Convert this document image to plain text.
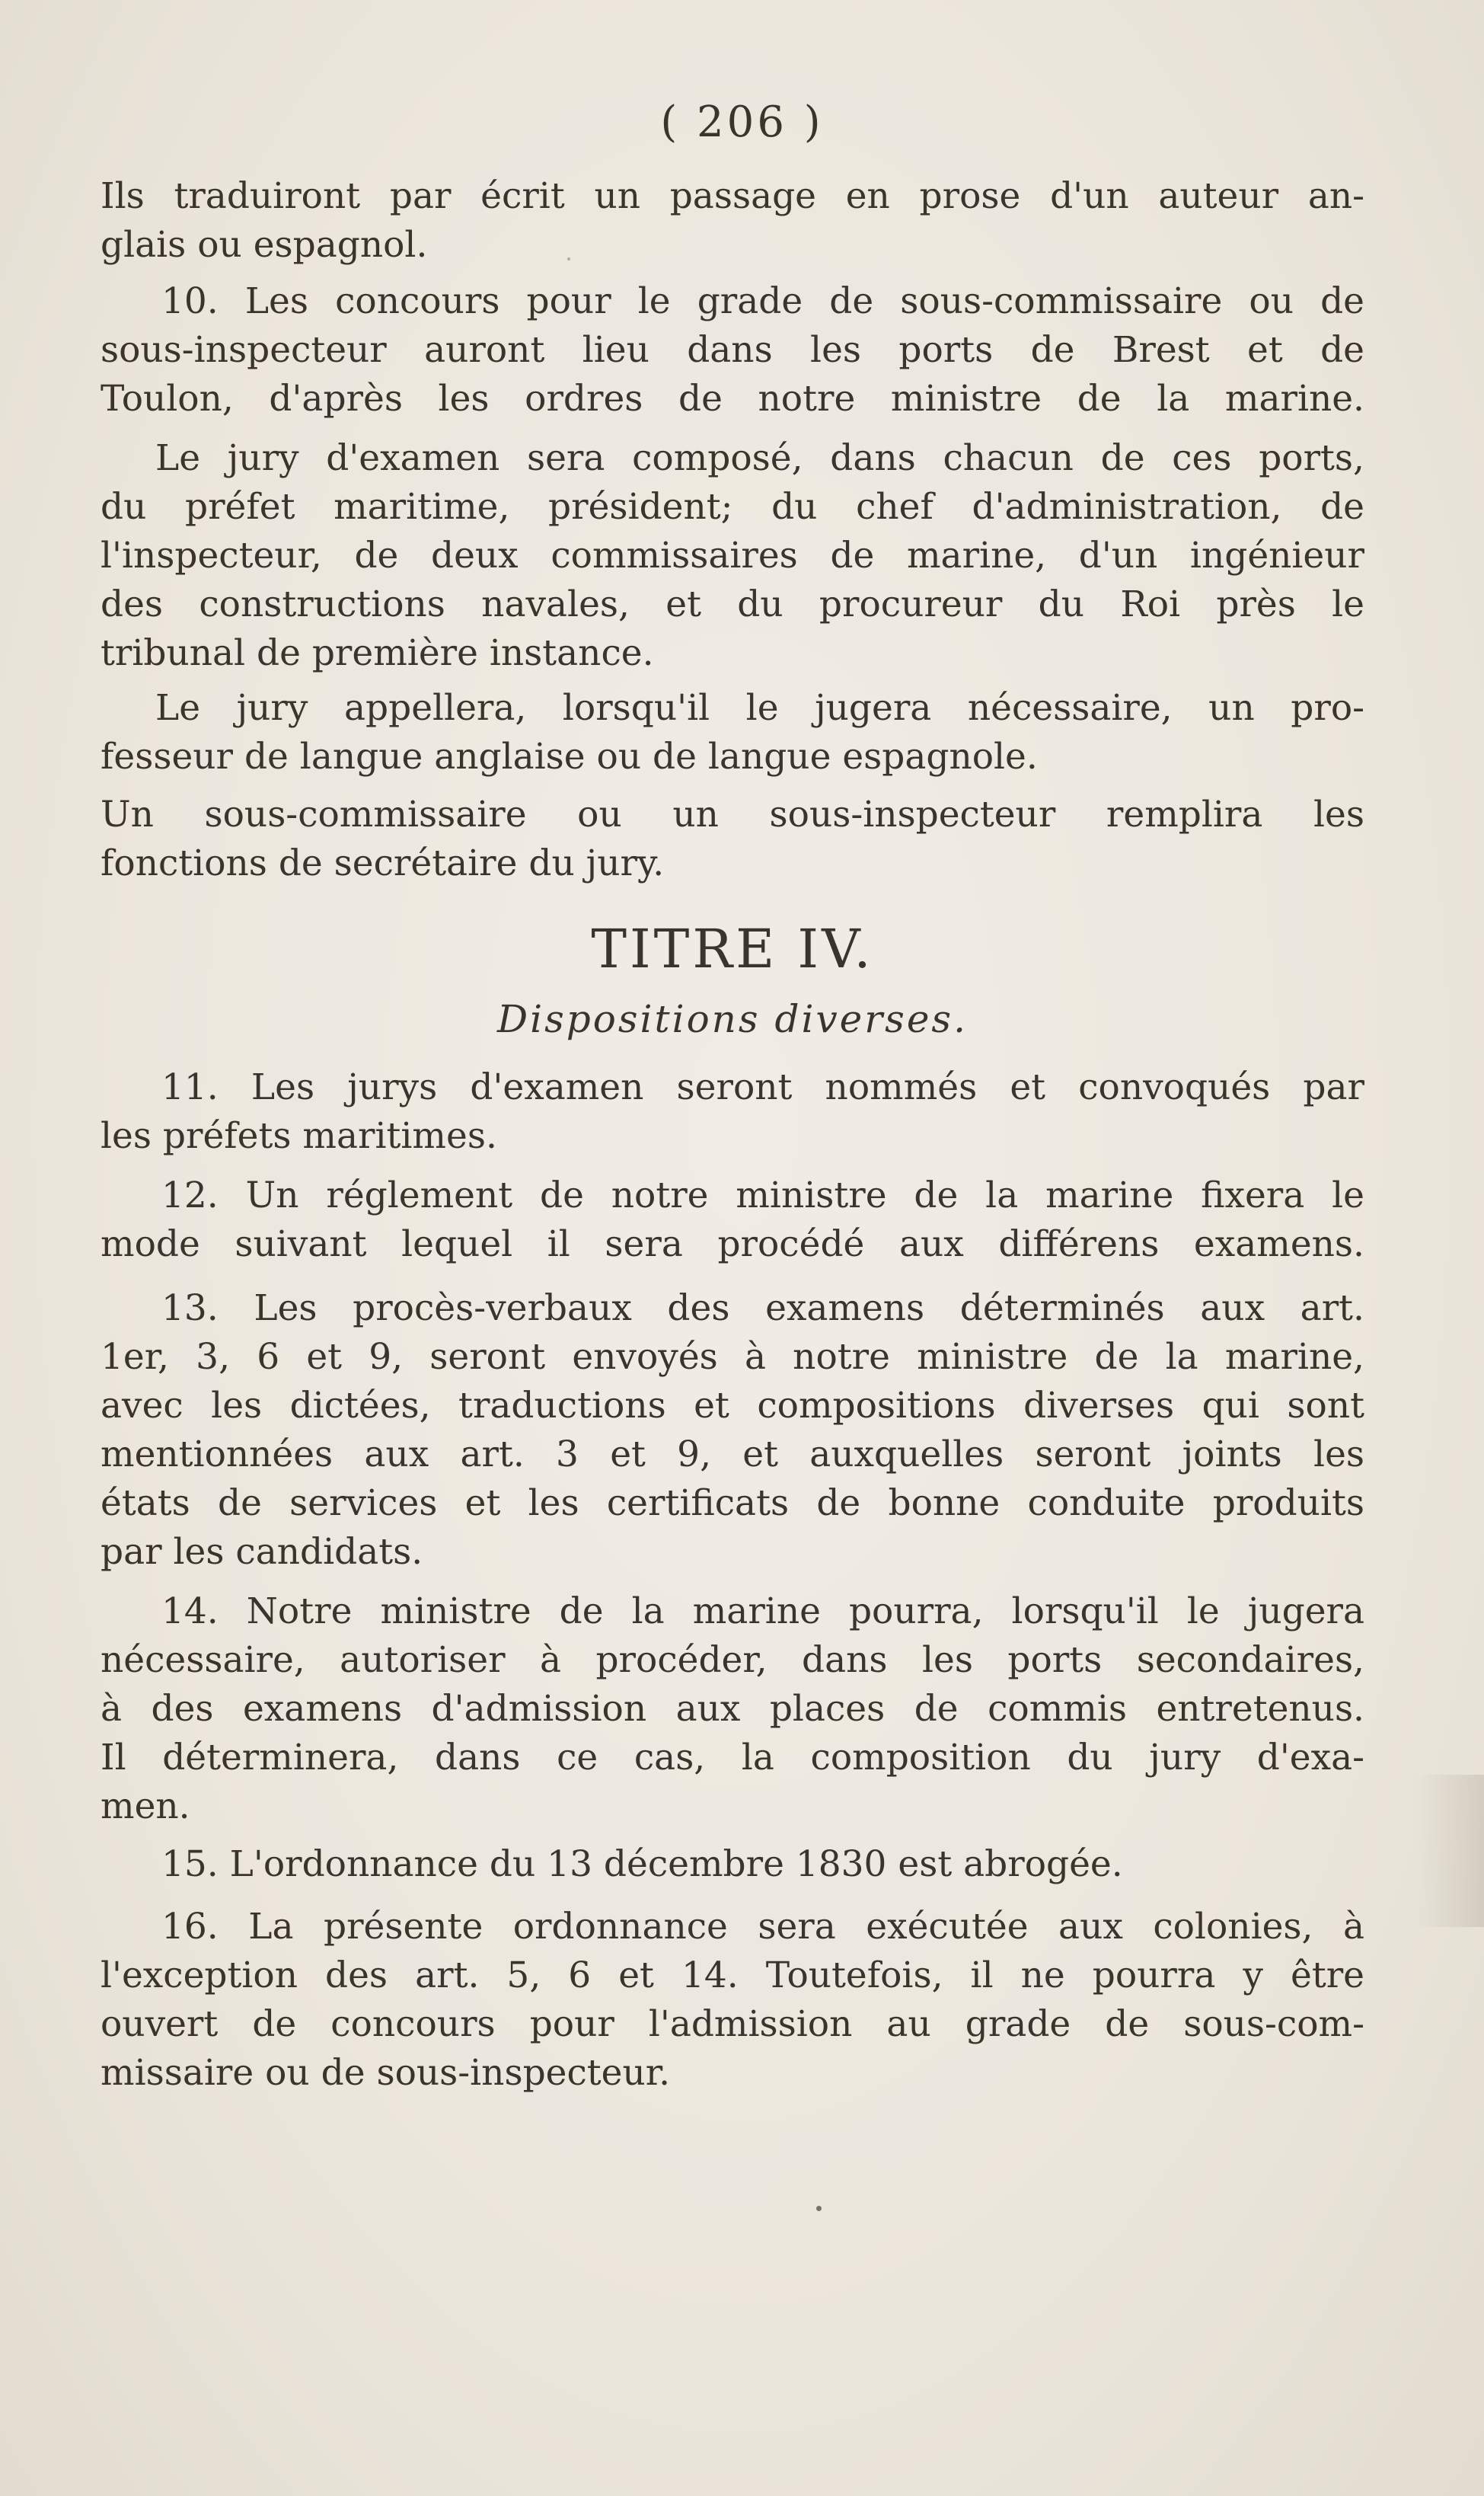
( 206 )
Ils traduiront par écrit un passage en prose d'un auteur an-
glais ou espagnol.
10. Les concours pour le grade de sous-commissaire ou de
sous-inspecteur auront lieu dans les ports de Brest et de
Toulon, d'après les ordres de notre ministre de la marine.
Le jury d'examen sera composé, dans chacun de ces ports,
du préfet maritime, président; du chef d'administration, de
l'inspecteur, de deux commissaires de marine, d'un ingénieur
des constructions navales, et du procureur du Roi près le
tribunal de première instance.
Le jury appellera, lorsqu'il le jugera nécessaire, un pro-
fesseur de langue anglaise ou de langue espagnole.
Un sous-commissaire ou un sous-inspecteur remplira les
fonctions de secrétaire du jury.
TITRE IV.
Dispositions diverses.
11. Les jurys d'examen seront nommés et convoqués par
les préfets maritimes.
12. Un réglement de notre ministre de la marine fixera le
mode suivant lequel il sera procédé aux différens examens.
13. Les procès-verbaux des examens déterminés aux art.
1er, 3, 6 et 9, seront envoyés à notre ministre de la marine,
avec les dictées, traductions et compositions diverses qui sont
mentionnées aux art. 3 et 9, et auxquelles seront joints les
états de services et les certificats de bonne conduite produits
par les candidats.
14. Notre ministre de la marine pourra, lorsqu'il le jugera
nécessaire, autoriser à procéder, dans les ports secondaires,
à des examens d'admission aux places de commis entretenus.
Il déterminera, dans ce cas, la composition du jury d'exa-
men.
15. L'ordonnance du 13 décembre 1830 est abrogée.
16. La présente ordonnance sera exécutée aux colonies, à
l'exception des art. 5, 6 et 14. Toutefois, il ne pourra y être
ouvert de concours pour l'admission au grade de sous-com-
missaire ou de sous-inspecteur.
